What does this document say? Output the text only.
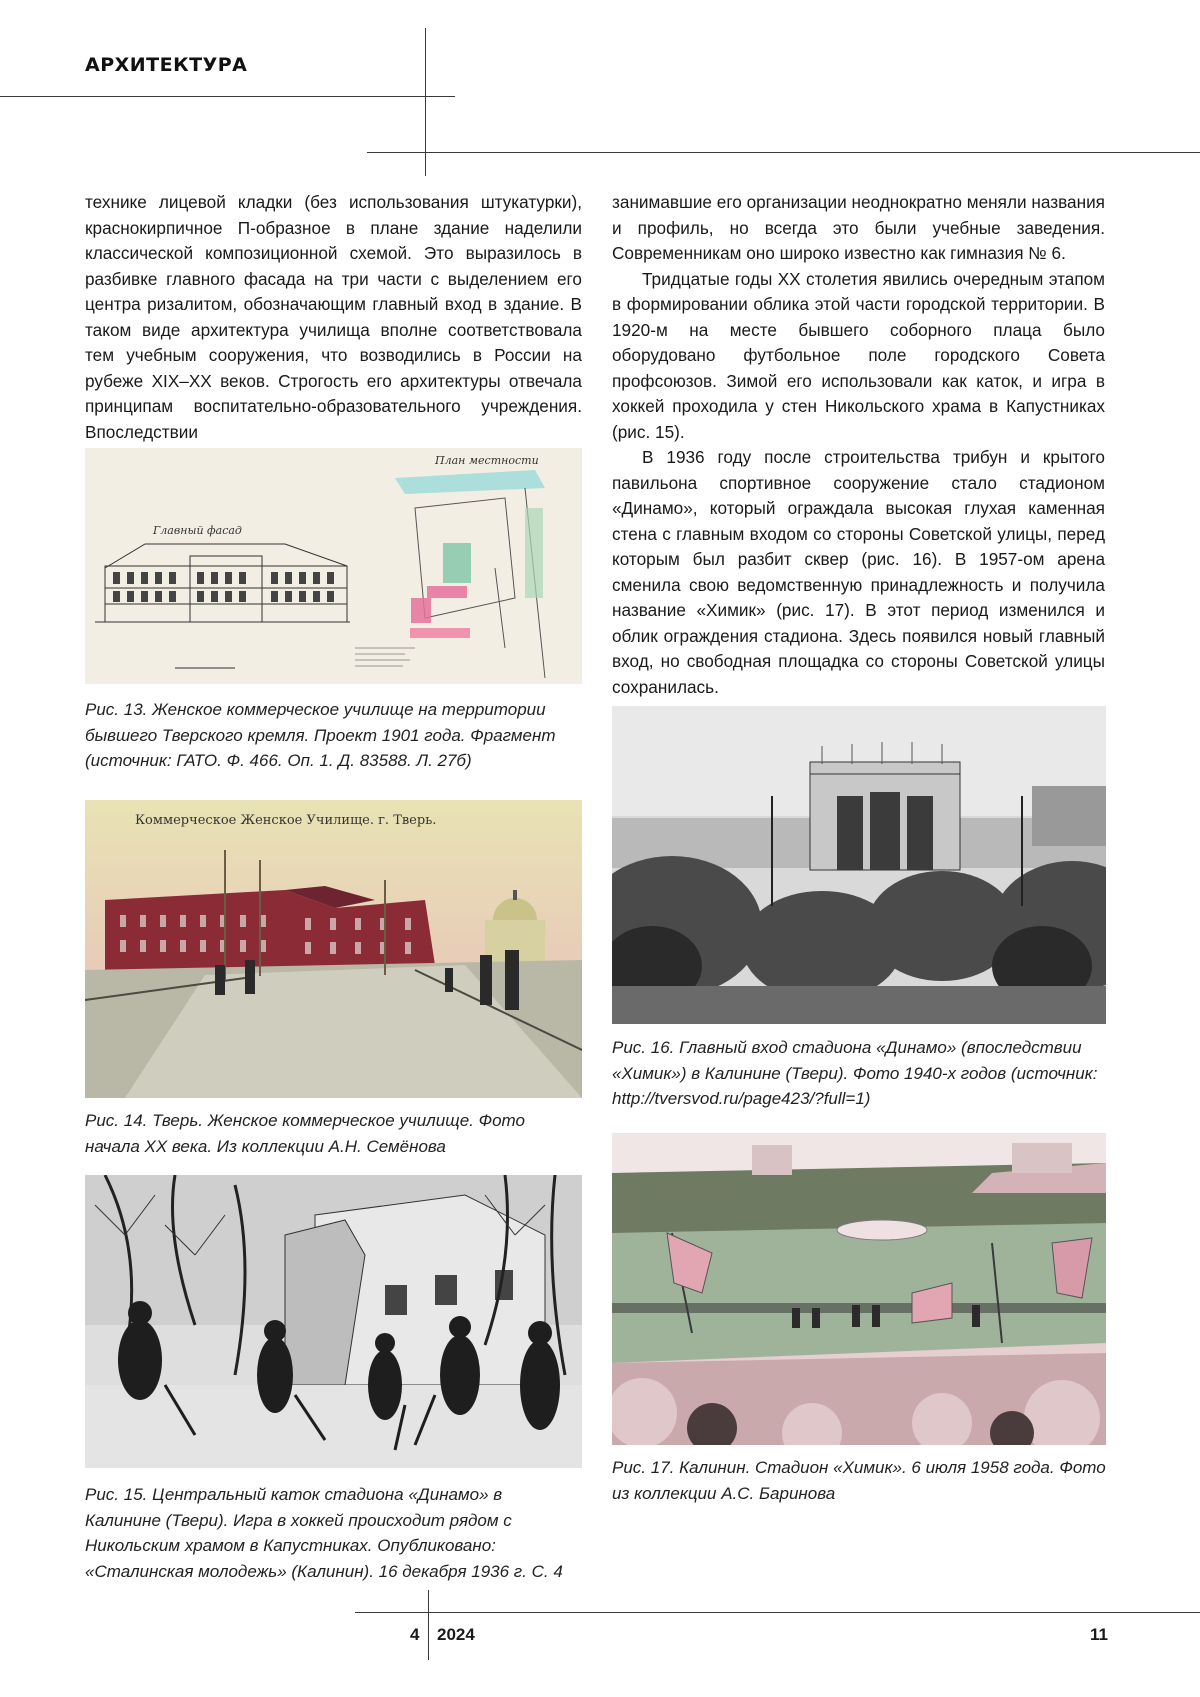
АРХИТЕКТУРА

технике лицевой кладки (без использования штукатурки), краснокирпичное П-образное в плане здание наделили классической композиционной схемой. Это выразилось в разбивке главного фасада на три части с выделением его центра ризалитом, обозначающим главный вход в здание. В таком виде архитектура училища вполне соответствовала тем учебным сооружения, что возводились в России на рубеже XIX–XX веков. Строгость его архитектуры отвечала принципам воспитательно-образовательного учреждения. Впоследствии

занимавшие его организации неоднократно меняли названия и профиль, но всегда это были учебные заведения. Современникам оно широко известно как гимназия № 6.

Тридцатые годы XX столетия явились очередным этапом в формировании облика этой части городской территории. В 1920-м на месте бывшего соборного плаца было оборудовано футбольное поле городского Совета профсоюзов. Зимой его использовали как каток, и игра в хоккей проходила у стен Никольского храма в Капустниках (рис. 15).

В 1936 году после строительства трибун и крытого павильона спортивное сооружение стало стадионом «Динамо», который ограждала высокая глухая каменная стена с главным входом со стороны Советской улицы, перед которым был разбит сквер (рис. 16). В 1957-ом арена сменила свою ведомственную принадлежность и получила название «Химик» (рис. 17). В этот период изменился и облик ограждения стадиона. Здесь появился новый главный вход, но свободная площадка со стороны Советской улицы сохранилась.

Главный фасад
План местности
Рис. 13. Женское коммерческое училище на территории бывшего Тверского кремля. Проект 1901 года. Фрагмент (источник: ГАТО. Ф. 466. Оп. 1. Д. 83588. Л. 27б)
Коммерческое Женское Училище. г. Тверь.
Рис. 14. Тверь. Женское коммерческое училище. Фото начала XX века. Из коллекции А.Н. Семёнова
Рис. 15. Центральный каток стадиона «Динамо» в Калинине (Твери). Игра в хоккей происходит рядом с Никольским храмом в Капустниках. Опубликовано: «Сталинская молодежь» (Калинин). 16 декабря 1936 г. С. 4
Рис. 16. Главный вход стадиона «Динамо» (впоследствии «Химик») в Калинине (Твери). Фото 1940-х годов (источник: http://tversvod.ru/page423/?full=1)
Рис. 17. Калинин. Стадион «Химик». 6 июля 1958 года. Фото из коллекции А.С. Баринова
4 2024	11
